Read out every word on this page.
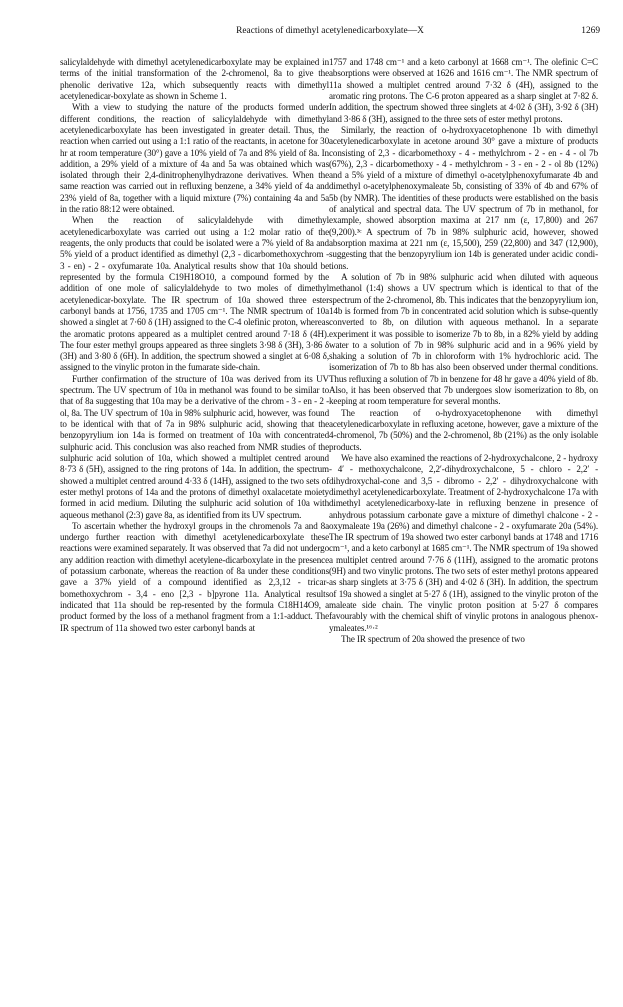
Reactions of dimethyl acetylenedicarboxylate—X	1269

salicylaldehyde with dimethyl acetylenedicarboxylate may be explained in terms of the initial transformation of the 2-chromenol, 8a to give the phenolic derivative 12a, which subsequently reacts with dimethyl acetylenedicar-boxylate as shown in Scheme 1.

With a view to studying the nature of the products formed under different conditions, the reaction of salicylaldehyde with dimethyl acetylenedicarboxylate has been investigated in greater detail. Thus, the reaction when carried out using a 1:1 ratio of the reactants, in acetone for 30 hr at room temperature (30°) gave a 10% yield of 7a and 8% yield of 8a. In addition, a 29% yield of a mixture of 4a and 5a was obtained which was isolated through their 2,4-dinitrophenylhydrazone derivatives. When the same reaction was carried out in refluxing benzene, a 34% yield of 4a and 23% yield of 8a, together with a liquid mixture (7%) containing 4a and 5a in the ratio 88:12 were obtained.

When the reaction of salicylaldehyde with dimethyl acetylenedicarboxylate was carried out using a 1:2 molar ratio of the reagents, the only products that could be isolated were a 7% yield of 8a and 5% yield of a product identified as dimethyl (2,3 - dicarbomethoxychrom - 3 - en) - 2 - oxyfumarate 10a. Analytical results show that 10a should be represented by the formula C19H18O10, a compound formed by the addition of one mole of salicylaldehyde to two moles of dimethyl acetylenedicar-boxylate. The IR spectrum of 10a showed three ester carbonyl bands at 1756, 1735 and 1705 cm⁻¹. The NMR spectrum of 10a showed a singlet at 7·60 δ (1H) assigned to the C-4 olefinic proton, whereas the aromatic protons appeared as a multiplet centred around 7·18 δ (4H). The four ester methyl groups appeared as three singlets 3·98 δ (3H), 3·86 δ (3H) and 3·80 δ (6H). In addition, the spectrum showed a singlet at 6·08 δ, assigned to the vinylic proton in the fumarate side-chain.

Further confirmation of the structure of 10a was derived from its UV spectrum. The UV spectrum of 10a in methanol was found to be similar to that of 8a suggesting that 10a may be a derivative of the chrom - 3 - en - 2 - ol, 8a. The UV spectrum of 10a in 98% sulphuric acid, however, was found to be identical with that of 7a in 98% sulphuric acid, showing that the benzopyrylium ion 14a is formed on treatment of 10a with concentrated sulphuric acid. This conclusion was also reached from NMR studies of the sulphuric acid solution of 10a, which showed a multiplet centred around 8·73 δ (5H), assigned to the ring protons of 14a. In addition, the spectrum showed a multiplet centred around 4·33 δ (14H), assigned to the two sets of ester methyl protons of 14a and the protons of dimethyl oxalacetate moiety formed in acid medium. Diluting the sulphuric acid solution of 10a with aqueous methanol (2:3) gave 8a, as identified from its UV spectrum.

To ascertain whether the hydroxyl groups in the chromenols 7a and 8a undergo further reaction with dimethyl acetylenedicarboxylate these reactions were examined separately. It was observed that 7a did not undergo any addition reaction with dimethyl acetylene-dicarboxylate in the presence of potassium carbonate, whereas the reaction of 8a under these conditions gave a 37% yield of a compound identified as 2,3,12 - tricar-bomethoxychrom - 3,4 - eno [2,3 - b]pyrone 11a. Analytical results indicated that 11a should be rep-resented by the formula C18H14O9, a product formed by the loss of a methanol fragment from a 1:1-adduct. The IR spectrum of 11a showed two ester carbonyl bands at

1757 and 1748 cm⁻¹ and a keto carbonyl at 1668 cm⁻¹. The olefinic C=C absorptions were observed at 1626 and 1616 cm⁻¹. The NMR spectrum of 11a showed a multiplet centred around 7·32 δ (4H), assigned to the aromatic ring protons. The C-6 proton appeared as a sharp singlet at 7·82 δ. In addition, the spectrum showed three singlets at 4·02 δ (3H), 3·92 δ (3H) and 3·86 δ (3H), assigned to the three sets of ester methyl protons.

Similarly, the reaction of o-hydroxyacetophenone 1b with dimethyl acetylenedicarboxylate in acetone around 30° gave a mixture of products consisting of 2,3 - dicarbomethoxy - 4 - methylchrom - 2 - en - 4 - ol 7b (67%), 2,3 - dicarbomethoxy - 4 - methylchrom - 3 - en - 2 - ol 8b (12%) and a 5% yield of a mixture of dimethyl o-acetylphenoxyfumarate 4b and dimethyl o-acetylphenoxymaleate 5b, consisting of 33% of 4b and 67% of 5b (by NMR). The identities of these products were established on the basis of analytical and spectral data. The UV spectrum of 7b in methanol, for example, showed absorption maxima at 217 nm (ε, 17,800) and 267 (9,200).³ᶜ A spectrum of 7b in 98% sulphuric acid, however, showed absorption maxima at 221 nm (ε, 15,500), 259 (22,800) and 347 (12,900), suggesting that the benzopyrylium ion 14b is generated under acidic condi-tions.

A solution of 7b in 98% sulphuric acid when diluted with aqueous methanol (1:4) shows a UV spectrum which is identical to that of the spectrum of the 2-chromenol, 8b. This indicates that the benzopyrylium ion, 14b is formed from 7b in concentrated acid solution which is subse-quently converted to 8b, on dilution with aqueous methanol. In a separate experiment it was possible to isomerize 7b to 8b, in a 82% yield by adding water to a solution of 7b in 98% sulphuric acid and in a 96% yield by shaking a solution of 7b in chloroform with 1% hydrochloric acid. The isomerization of 7b to 8b has also been observed under thermal conditions. Thus refluxing a solution of 7b in benzene for 48 hr gave a 40% yield of 8b. Also, it has been observed that 7b undergoes slow isomerization to 8b, on keeping at room temperature for several months.

The reaction of o-hydroxyacetophenone with dimethyl acetylenedicarboxylate in refluxing acetone, however, gave a mixture of the 4-chromenol, 7b (50%) and the 2-chromenol, 8b (21%) as the only isolable products.

We have also examined the reactions of 2-hydroxychalcone, 2 - hydroxy - 4′ - methoxychalcone, 2,2′-dihydroxychalcone, 5 - chloro - 2,2′ - dihydroxychal-cone and 3,5 - dibromo - 2,2′ - dihydroxychalcone with dimethyl acetylenedicarboxylate. Treatment of 2-hydroxychalcone 17a with dimethyl acetylenedicarboxy-late in refluxing benzene in presence of anhydrous potassium carbonate gave a mixture of dimethyl chalcone - 2 - oxymaleate 19a (26%) and dimethyl chalcone - 2 - oxyfumarate 20a (54%). The IR spectrum of 19a showed two ester carbonyl bands at 1748 and 1716 cm⁻¹, and a keto carbonyl at 1685 cm⁻¹. The NMR spectrum of 19a showed a multiplet centred around 7·76 δ (11H), assigned to the aromatic protons (9H) and two vinylic protons. The two sets of ester methyl protons appeared as sharp singlets at 3·75 δ (3H) and 4·02 δ (3H). In addition, the spectrum of 19a showed a singlet at 5·27 δ (1H), assigned to the vinylic proton of the maleate side chain. The vinylic proton position at 5·27 δ compares favourably with the chemical shift of vinylic protons in analogous phenox-ymaleates.¹⁶·²

The IR spectrum of 20a showed the presence of two
